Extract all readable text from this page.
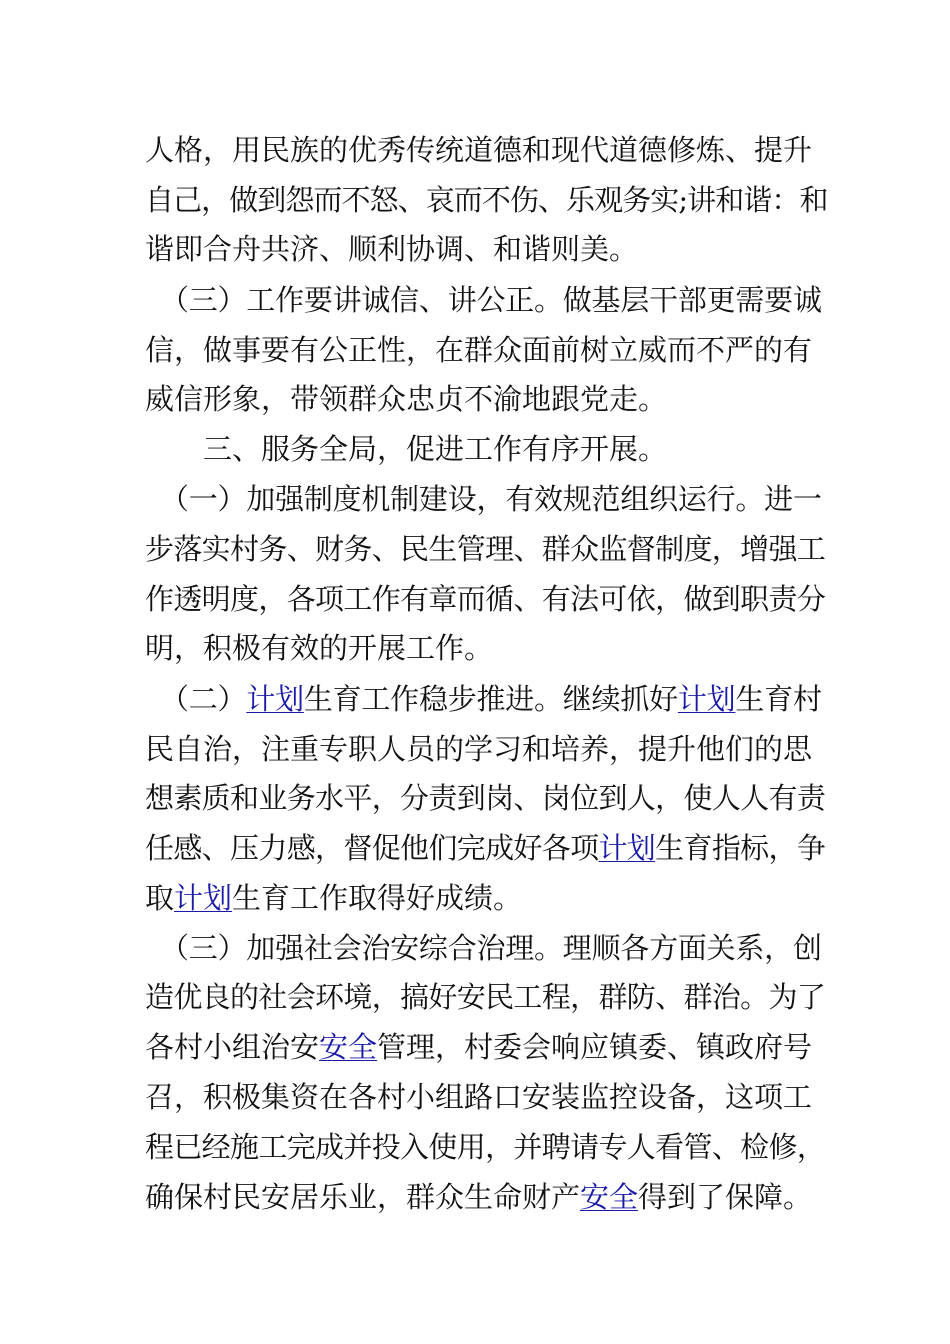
人格，用民族的优秀传统道德和现代道德修炼、提升
自己，做到怨而不怒、哀而不伤、乐观务实;讲和谐：和
谐即合舟共济、顺利协调、和谐则美。
（三）工作要讲诚信、讲公正。做基层干部更需要诚
信，做事要有公正性，在群众面前树立威而不严的有
威信形象，带领群众忠贞不渝地跟党走。
三、服务全局，促进工作有序开展。
（一）加强制度机制建设，有效规范组织运行。进一
步落实村务、财务、民生管理、群众监督制度，增强工
作透明度，各项工作有章而循、有法可依，做到职责分
明，积极有效的开展工作。
（二）计划生育工作稳步推进。继续抓好计划生育村
民自治，注重专职人员的学习和培养，提升他们的思
想素质和业务水平，分责到岗、岗位到人，使人人有责
任感、压力感，督促他们完成好各项计划生育指标，争
取计划生育工作取得好成绩。
（三）加强社会治安综合治理。理顺各方面关系，创
造优良的社会环境，搞好安民工程，群防、群治。为了
各村小组治安安全管理，村委会响应镇委、镇政府号
召，积极集资在各村小组路口安装监控设备，这项工
程已经施工完成并投入使用，并聘请专人看管、检修，
确保村民安居乐业，群众生命财产安全得到了保障。
